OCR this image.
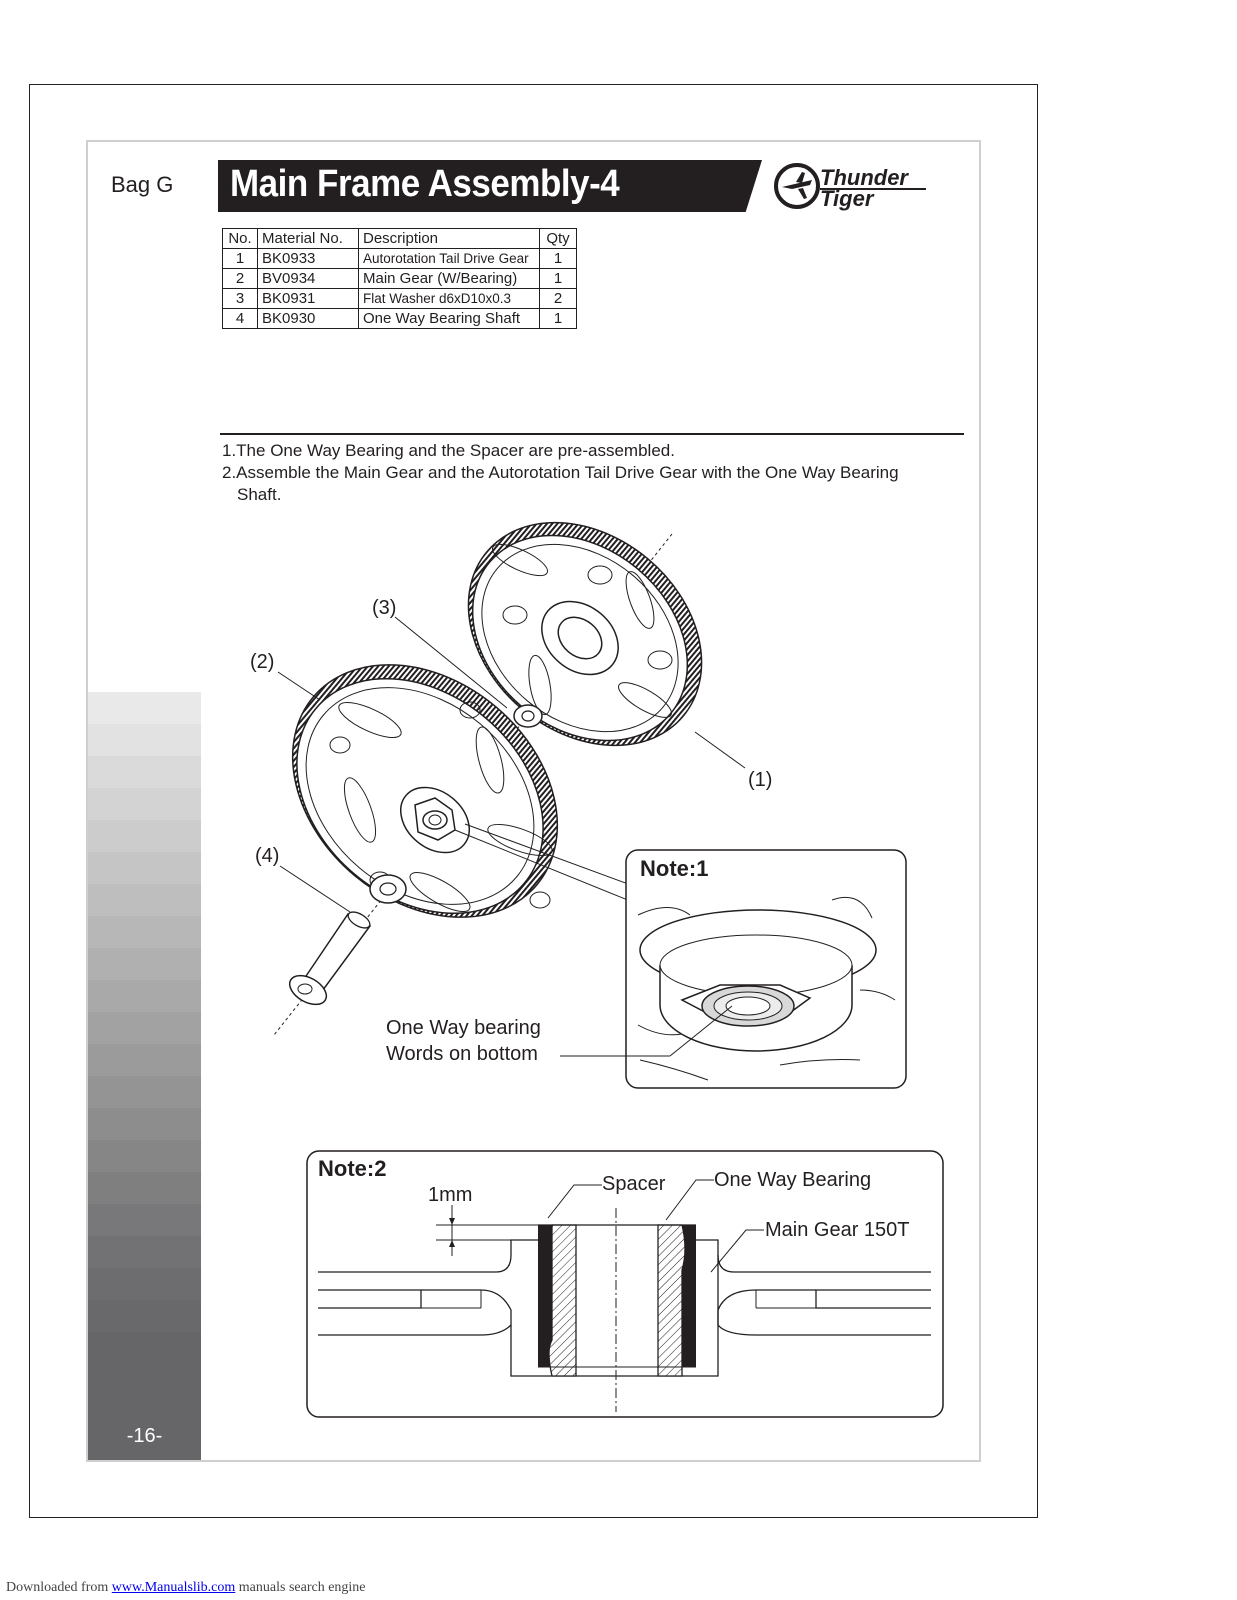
Bag G
-16-
Main Frame Assembly-4	Thunder
Tiger
No.	Material No.	Description	Qty
1	BK0933	Autorotation Tail Drive Gear	1
2	BV0934	Main Gear (W/Bearing)	1
3	BK0931	Flat Washer d6xD10x0.3	2
4	BK0930	One Way Bearing Shaft	1
1.The One Way Bearing and the Spacer are pre-assembled.
2.Assemble the Main Gear and the Autorotation Tail Drive Gear with the One Way Bearing
Shaft.
(3)
(2)
(1)
(4)	Note:1
One Way bearing
Words on bottom
Note:2
1mm	Spacer One Way Bearing
Main Gear 150T
Downloaded from www.Manualslib.com manuals search engine
